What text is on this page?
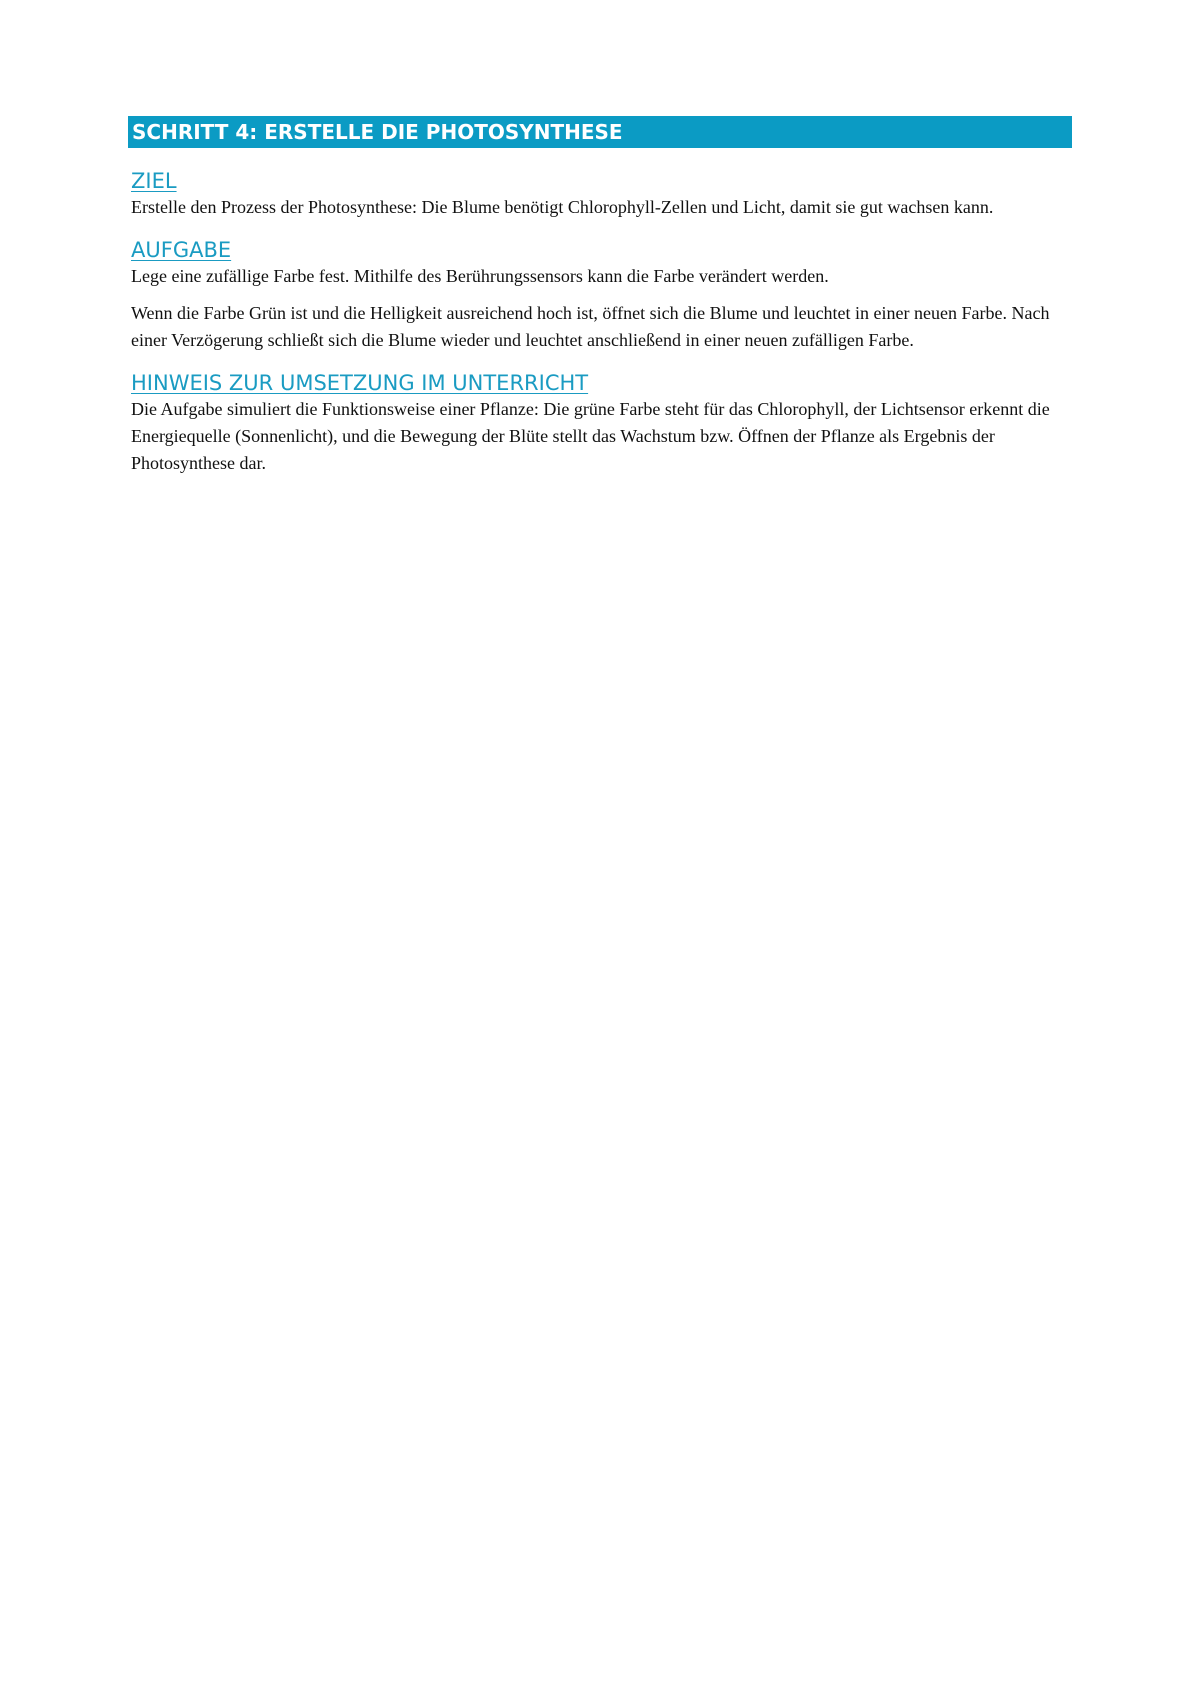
SCHRITT 4: ERSTELLE DIE PHOTOSYNTHESE
ZIEL

Erstelle den Prozess der Photosynthese: Die Blume benötigt Chlorophyll-Zellen und Licht, damit sie gut wachsen kann.

AUFGABE

Lege eine zufällige Farbe fest. Mithilfe des Berührungssensors kann die Farbe verändert werden.

Wenn die Farbe Grün ist und die Helligkeit ausreichend hoch ist, öffnet sich die Blume und leuchtet in einer neuen Farbe. Nach einer Verzögerung schließt sich die Blume wieder und leuchtet anschließend in einer neuen zufälligen Farbe.

HINWEIS ZUR UMSETZUNG IM UNTERRICHT

Die Aufgabe simuliert die Funktionsweise einer Pflanze: Die grüne Farbe steht für das Chlorophyll, der Lichtsensor erkennt die Energiequelle (Sonnenlicht), und die Bewegung der Blüte stellt das Wachstum bzw. Öffnen der Pflanze als Ergebnis der Photosynthese dar.
